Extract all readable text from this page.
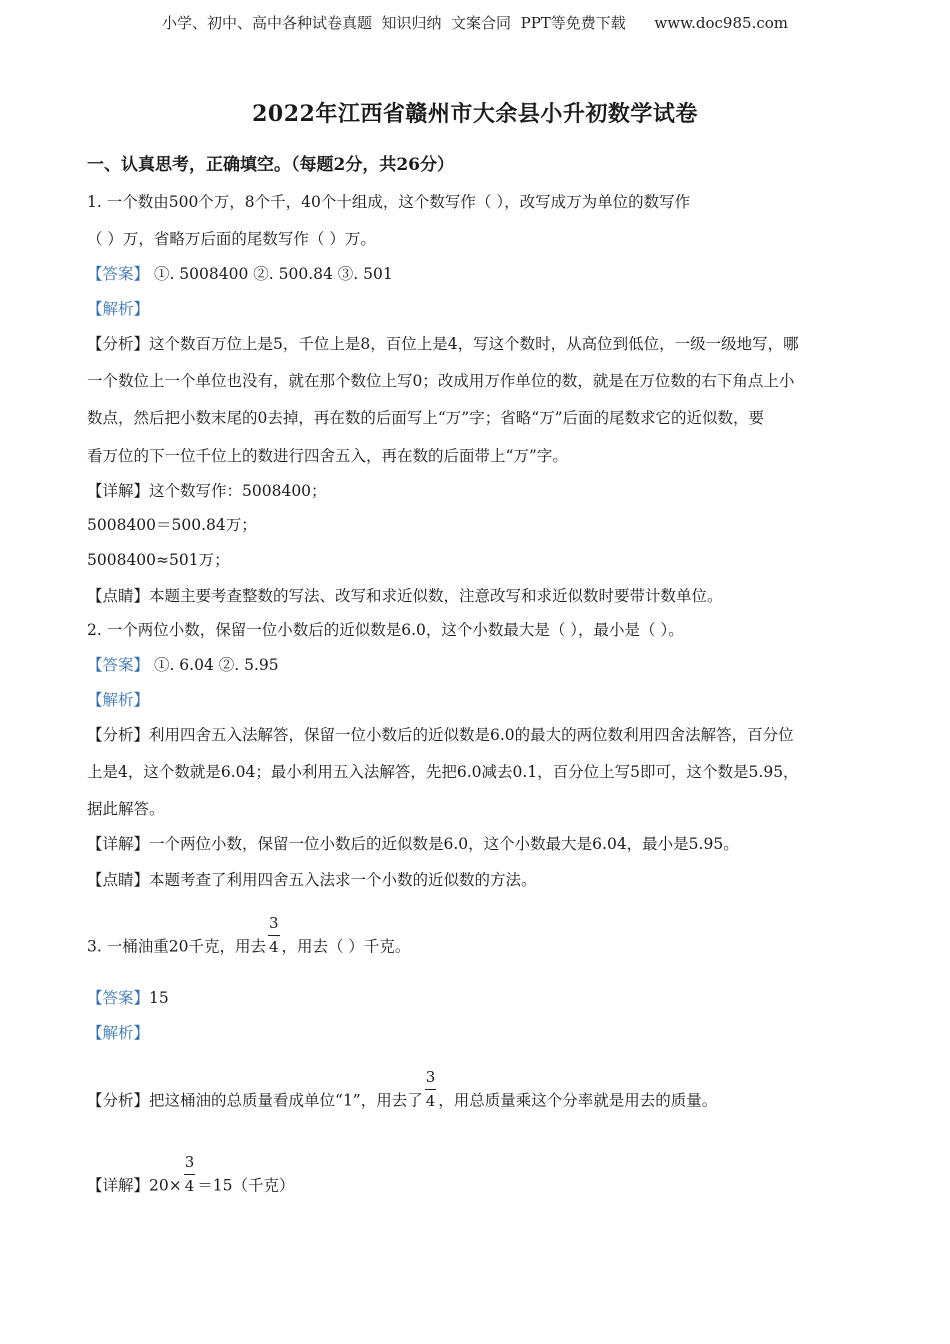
小学、初中、高中各种试卷真题  知识归纳  文案合同  PPT等免费下载      www.doc985.com
2022年江西省赣州市大余县小升初数学试卷
一、认真思考，正确填空。（每题2分，共26分）
1. 一个数由500个万，8个千，40个十组成，这个数写作（ ），改写成万为单位的数写作
（ ）万，省略万后面的尾数写作（ ）万。
【答案】 ①. 5008400 ②. 500.84 ③. 501
【解析】
【分析】这个数百万位上是5，千位上是8，百位上是4，写这个数时，从高位到低位，一级一级地写，哪
一个数位上一个单位也没有，就在那个数位上写0；改成用万作单位的数，就是在万位数的右下角点上小
数点，然后把小数末尾的0去掉，再在数的后面写上“万”字；省略“万”后面的尾数求它的近似数，要
看万位的下一位千位上的数进行四舍五入，再在数的后面带上“万”字。
【详解】这个数写作：5008400；
5008400＝500.84万；
5008400≈501万；
【点睛】本题主要考查整数的写法、改写和求近似数，注意改写和求近似数时要带计数单位。
2. 一个两位小数，保留一位小数后的近似数是6.0，这个小数最大是（ ），最小是（ ）。
【答案】 ①. 6.04 ②. 5.95
【解析】
【分析】利用四舍五入法解答，保留一位小数后的近似数是6.0的最大的两位数利用四舍法解答，百分位
上是4，这个数就是6.04；最小利用五入法解答，先把6.0减去0.1，百分位上写5即可，这个数是5.95，
据此解答。
【详解】一个两位小数，保留一位小数后的近似数是6.0，这个小数最大是6.04，最小是5.95。
【点睛】本题考查了利用四舍五入法求一个小数的近似数的方法。
3. 一桶油重20千克，用去 $\frac{3}{4}$ ，用去（ ）千克。
【答案】15
【解析】
【分析】把这桶油的总质量看成单位“1”，用去了 $\frac{3}{4}$ ，用总质量乘这个分率就是用去的质量。
【详解】$20\times \frac{3}{4} =15$（千克）
